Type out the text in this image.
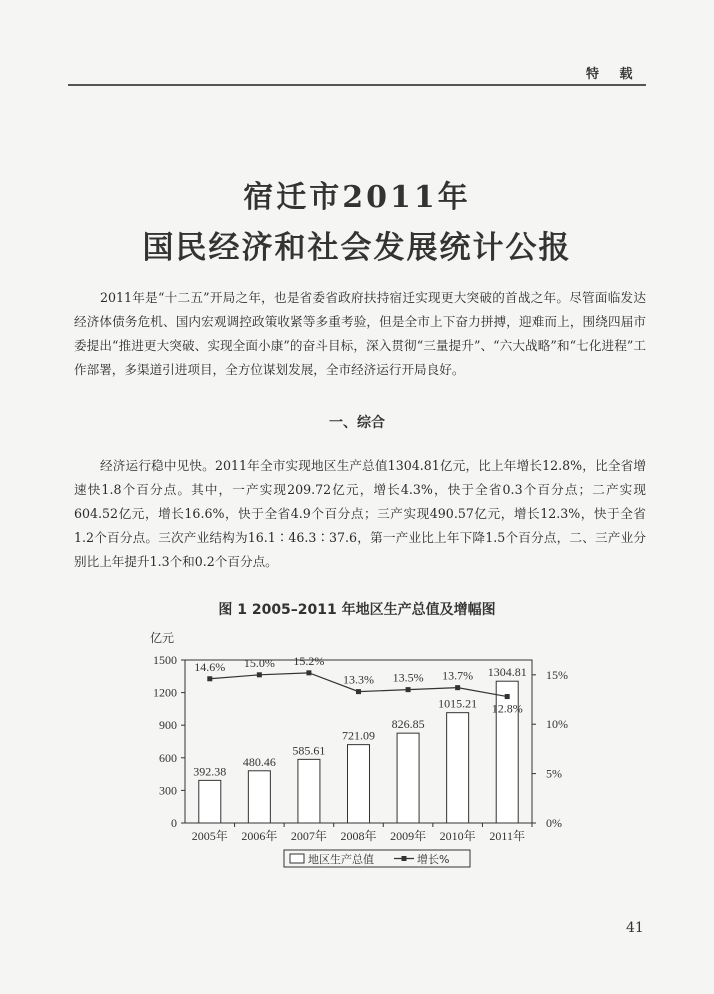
特 载
宿迁市2011年
国民经济和社会发展统计公报

2011年是“十二五”开局之年，也是省委省政府扶持宿迁实现更大突破的首战之年。尽管面临发达经济体债务危机、国内宏观调控政策收紧等多重考验，但是全市上下奋力拼搏，迎难而上，围绕四届市委提出“推进更大突破、实现全面小康”的奋斗目标，深入贯彻“三量提升”、“六大战略”和“七化进程”工作部署，多渠道引进项目，全方位谋划发展，全市经济运行开局良好。

一、综合

经济运行稳中见快。2011年全市实现地区生产总值1304.81亿元，比上年增长12.8%，比全省增速快1.8个百分点。其中，一产实现209.72亿元，增长4.3%，快于全省0.3个百分点；二产实现604.52亿元，增长16.6%，快于全省4.9个百分点；三产实现490.57亿元，增长12.3%，快于全省1.2个百分点。三次产业结构为16.1∶46.3∶37.6，第一产业比上年下降1.5个百分点，二、三产业分别比上年提升1.3个和0.2个百分点。

图 1 2005–2011 年地区生产总值及增幅图
亿元
0
300
600
900
1200
1500
0%
5%
10%
15%
392.38
480.46
585.61
721.09
826.85
1015.21
1304.81
2005年 2006年 2007年 2008年 2009年 2010年 2011年
14.6% 15.0% 15.2%
13.3% 13.5% 13.7%
12.8%
地区生产总值	增长%
41
